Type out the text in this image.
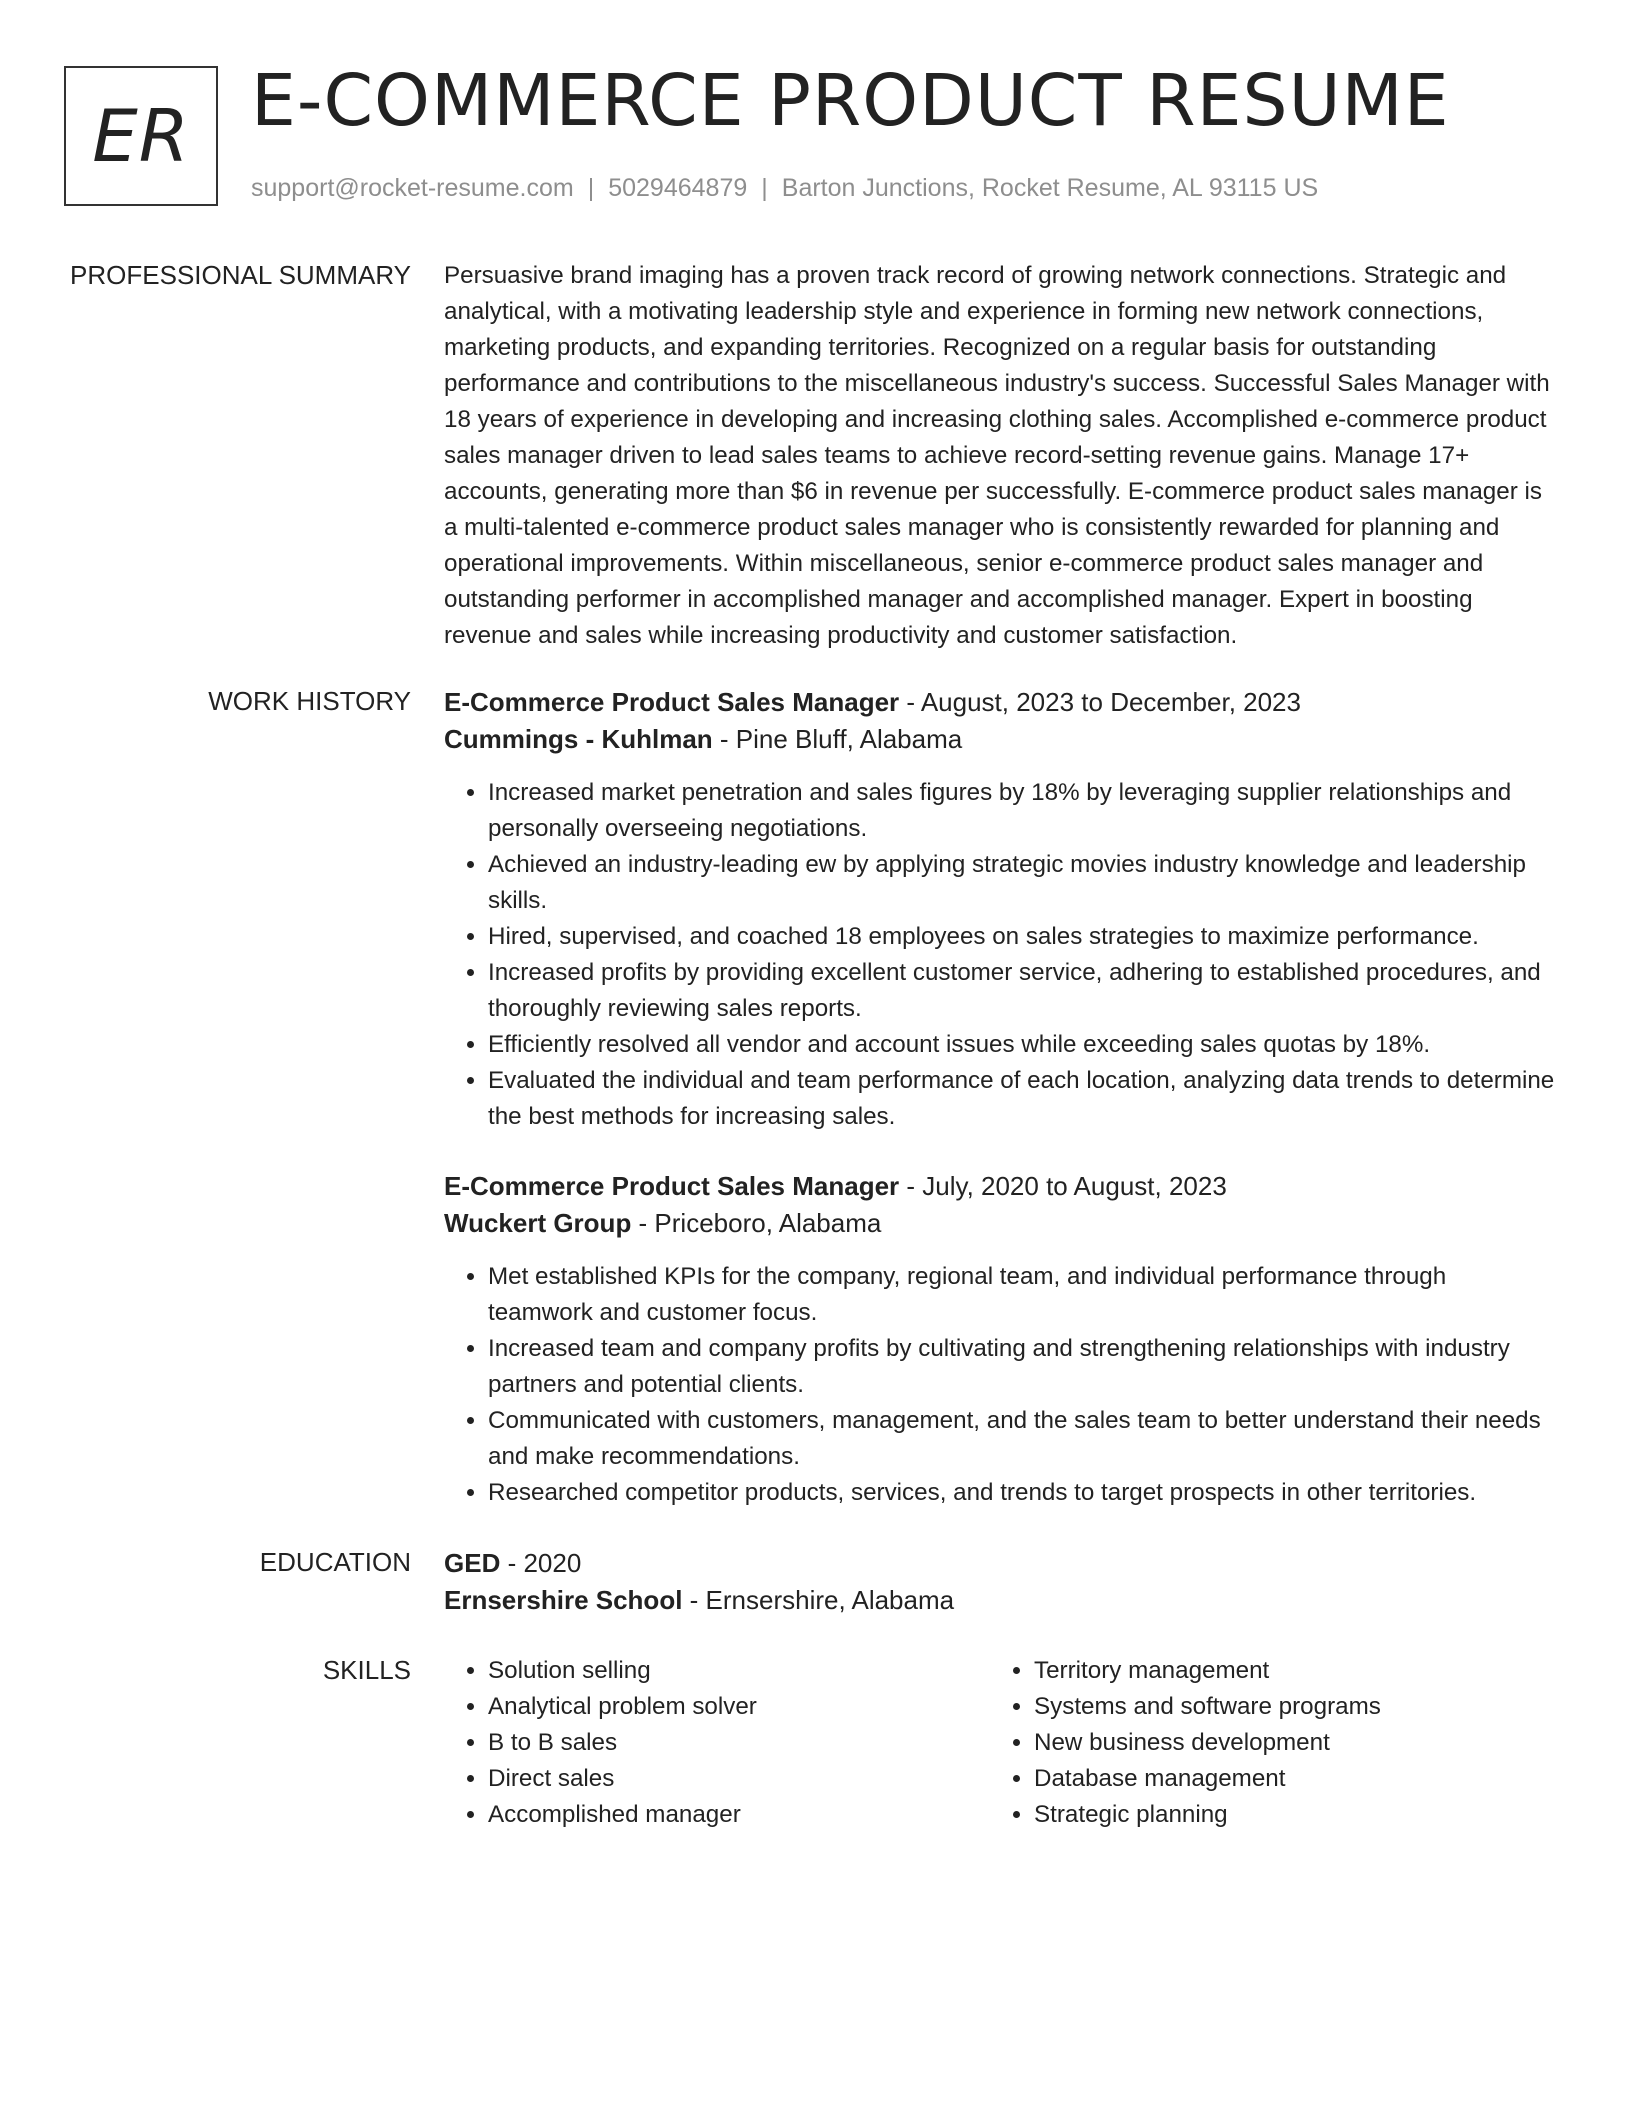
ER E-COMMERCE PRODUCT RESUME
support@rocket-resume.com | 5029464879 | Barton Junctions, Rocket Resume, AL 93115 US
PROFESSIONAL SUMMARY Persuasive brand imaging has a proven track record of growing network connections. Strategic and analytical, with a motivating leadership style and experience in forming new network connections, marketing products, and expanding territories. Recognized on a regular basis for outstanding performance and contributions to the miscellaneous industry's success. Successful Sales Manager with 18 years of experience in developing and increasing clothing sales. Accomplished e-commerce product sales manager driven to lead sales teams to achieve record-setting revenue gains. Manage 17+ accounts, generating more than $6 in revenue per successfully. E-commerce product sales manager is a multi-talented e-commerce product sales manager who is consistently rewarded for planning and operational improvements. Within miscellaneous, senior e-commerce product sales manager and outstanding performer in accomplished manager and accomplished manager. Expert in boosting revenue and sales while increasing productivity and customer satisfaction.
WORK HISTORY E-Commerce Product Sales Manager - August, 2023 to December, 2023
Cummings - Kuhlman - Pine Bluff, Alabama
• Increased market penetration and sales figures by 18% by leveraging supplier relationships and personally overseeing negotiations.
• Achieved an industry-leading ew by applying strategic movies industry knowledge and leadership skills.
• Hired, supervised, and coached 18 employees on sales strategies to maximize performance.
• Increased profits by providing excellent customer service, adhering to established procedures, and thoroughly reviewing sales reports.
• Efficiently resolved all vendor and account issues while exceeding sales quotas by 18%.
• Evaluated the individual and team performance of each location, analyzing data trends to determine the best methods for increasing sales.
E-Commerce Product Sales Manager - July, 2020 to August, 2023
Wuckert Group - Priceboro, Alabama
• Met established KPIs for the company, regional team, and individual performance through teamwork and customer focus.
• Increased team and company profits by cultivating and strengthening relationships with industry partners and potential clients.
• Communicated with customers, management, and the sales team to better understand their needs and make recommendations.
• Researched competitor products, services, and trends to target prospects in other territories.
EDUCATION GED - 2020
Ernsershire School - Ernsershire, Alabama
SKILLS
•	Solution selling
• Analytical problem solver
• B to B sales
• Direct sales
• Accomplished manager
• Territory management
• Systems and software programs
• New business development
• Database management
• Strategic planning
